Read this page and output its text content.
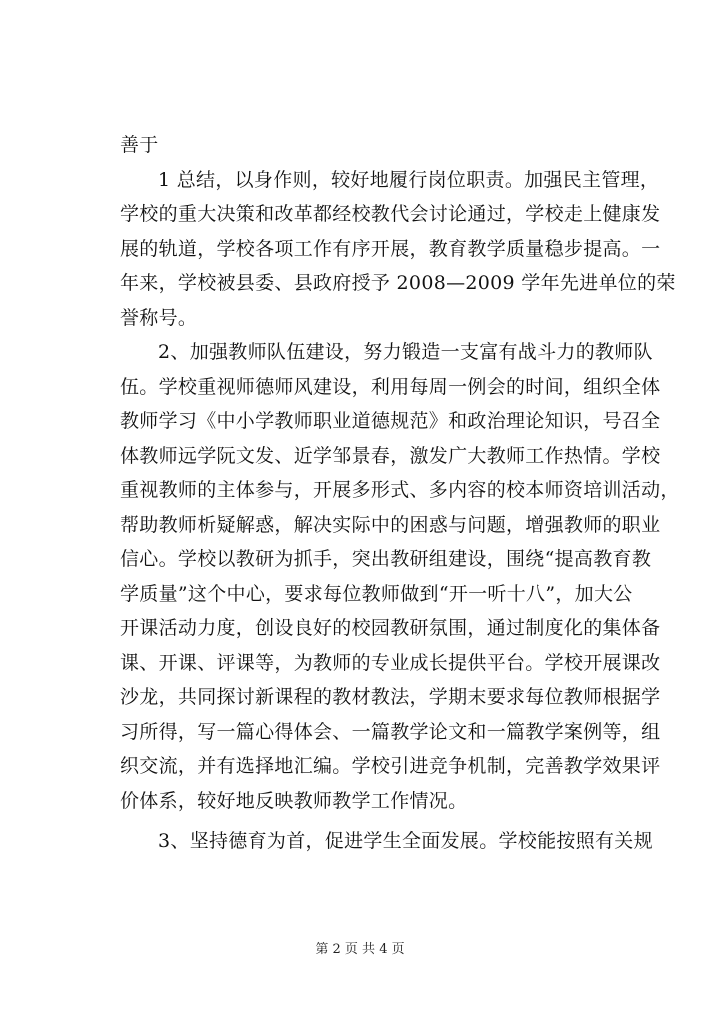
善于
1 总结，以身作则，较好地履行岗位职责。加强民主管理，
学校的重大决策和改革都经校教代会讨论通过，学校走上健康发
展的轨道，学校各项工作有序开展，教育教学质量稳步提高。一
年来，学校被县委、县政府授予 2008—2009 学年先进单位的荣
誉称号。
2、加强教师队伍建设，努力锻造一支富有战斗力的教师队
伍。学校重视师德师风建设，利用每周一例会的时间，组织全体
教师学习《中小学教师职业道德规范》和政治理论知识，号召全
体教师远学阮文发、近学邹景春，激发广大教师工作热情。学校
重视教师的主体参与，开展多形式、多内容的校本师资培训活动，
帮助教师析疑解惑，解决实际中的困惑与问题，增强教师的职业
信心。学校以教研为抓手，突出教研组建设，围绕“提高教育教
学质量”这个中心，要求每位教师做到“开一听十八”，加大公
开课活动力度，创设良好的校园教研氛围，通过制度化的集体备
课、开课、评课等，为教师的专业成长提供平台。学校开展课改
沙龙，共同探讨新课程的教材教法，学期末要求每位教师根据学
习所得，写一篇心得体会、一篇教学论文和一篇教学案例等，组
织交流，并有选择地汇编。学校引进竞争机制，完善教学效果评
价体系，较好地反映教师教学工作情况。
3、坚持德育为首，促进学生全面发展。学校能按照有关规
第 2 页 共 4 页
